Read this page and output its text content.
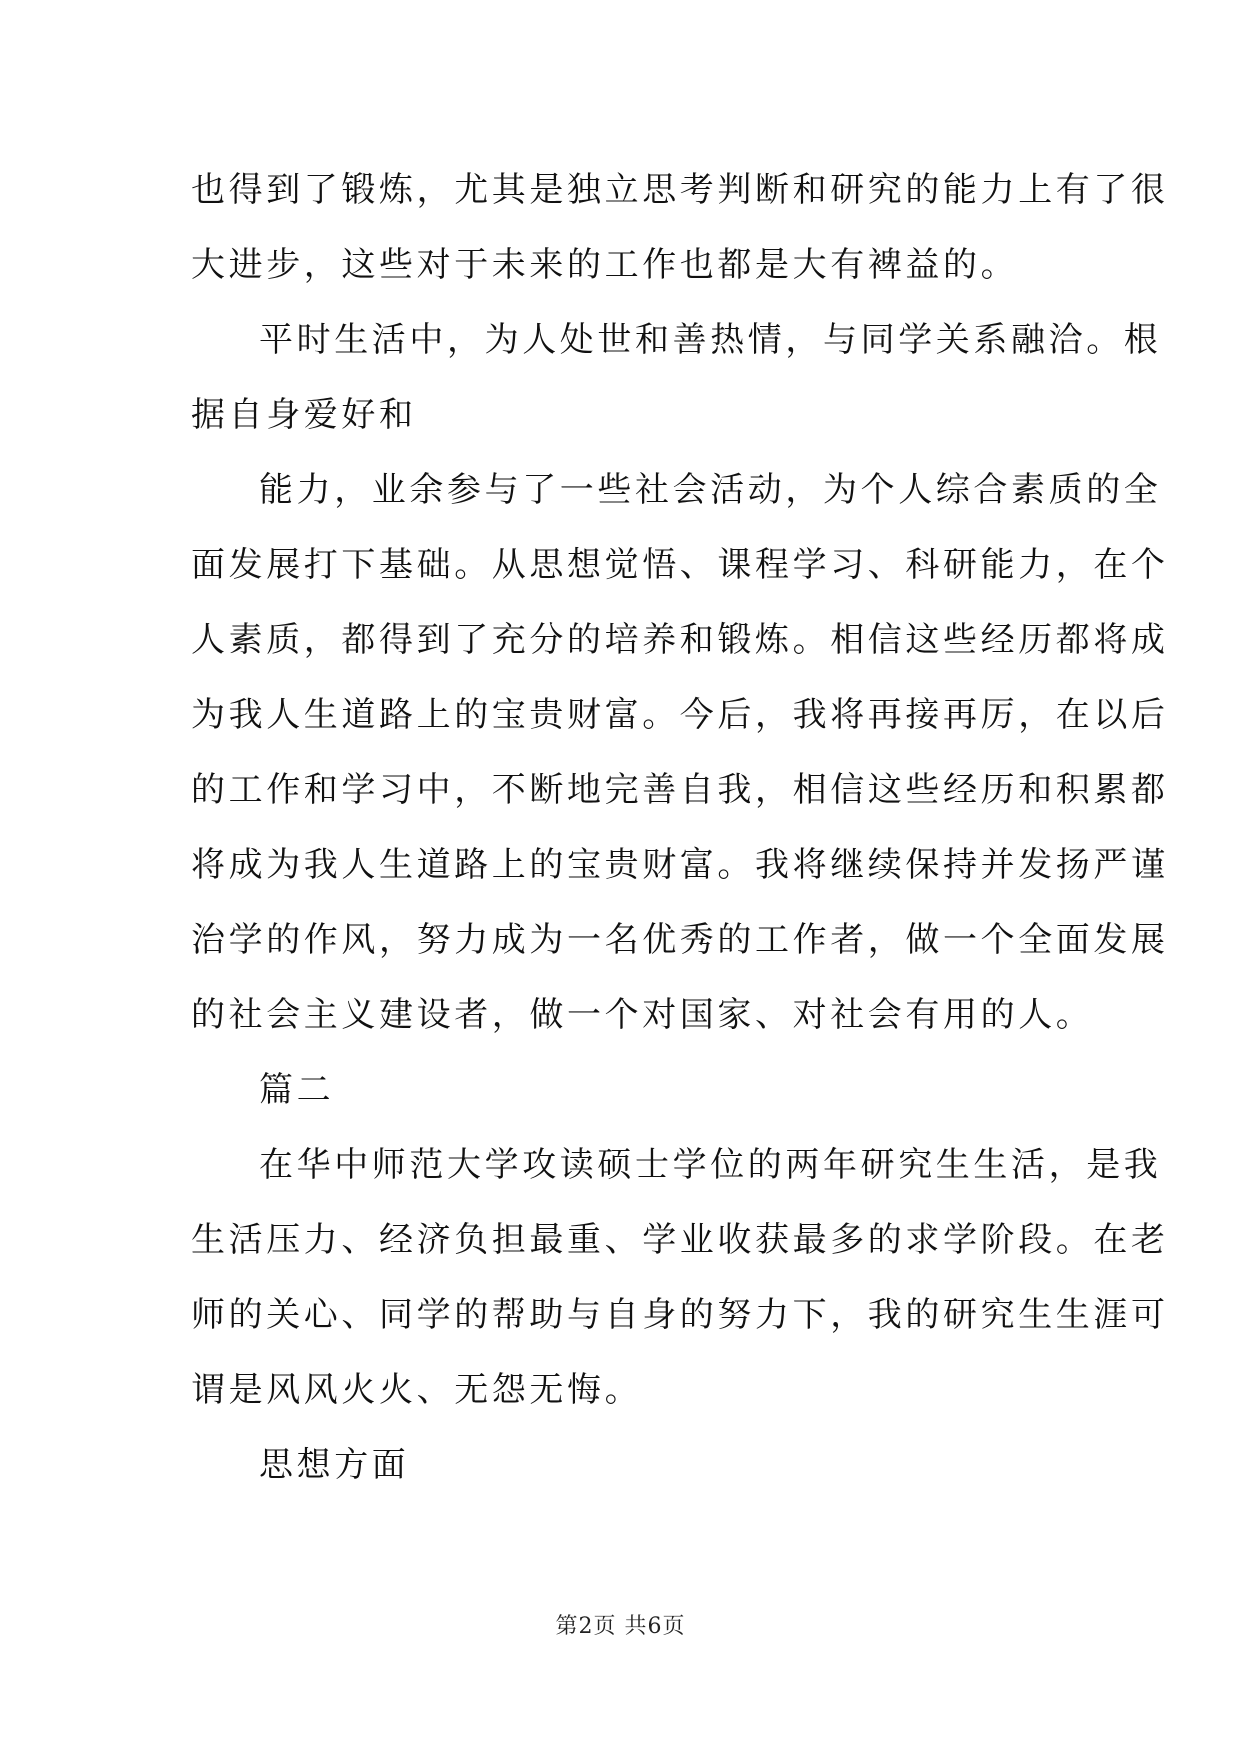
也得到了锻炼，尤其是独立思考判断和研究的能力上有了很
大进步，这些对于未来的工作也都是大有裨益的。
平时生活中，为人处世和善热情，与同学关系融洽。根
据自身爱好和
能力，业余参与了一些社会活动，为个人综合素质的全
面发展打下基础。从思想觉悟、课程学习、科研能力，在个
人素质，都得到了充分的培养和锻炼。相信这些经历都将成
为我人生道路上的宝贵财富。今后，我将再接再厉，在以后
的工作和学习中，不断地完善自我，相信这些经历和积累都
将成为我人生道路上的宝贵财富。我将继续保持并发扬严谨
治学的作风，努力成为一名优秀的工作者，做一个全面发展
的社会主义建设者，做一个对国家、对社会有用的人。
篇二
在华中师范大学攻读硕士学位的两年研究生生活，是我
生活压力、经济负担最重、学业收获最多的求学阶段。在老
师的关心、同学的帮助与自身的努力下，我的研究生生涯可
谓是风风火火、无怨无悔。
思想方面
第2页 共6页
